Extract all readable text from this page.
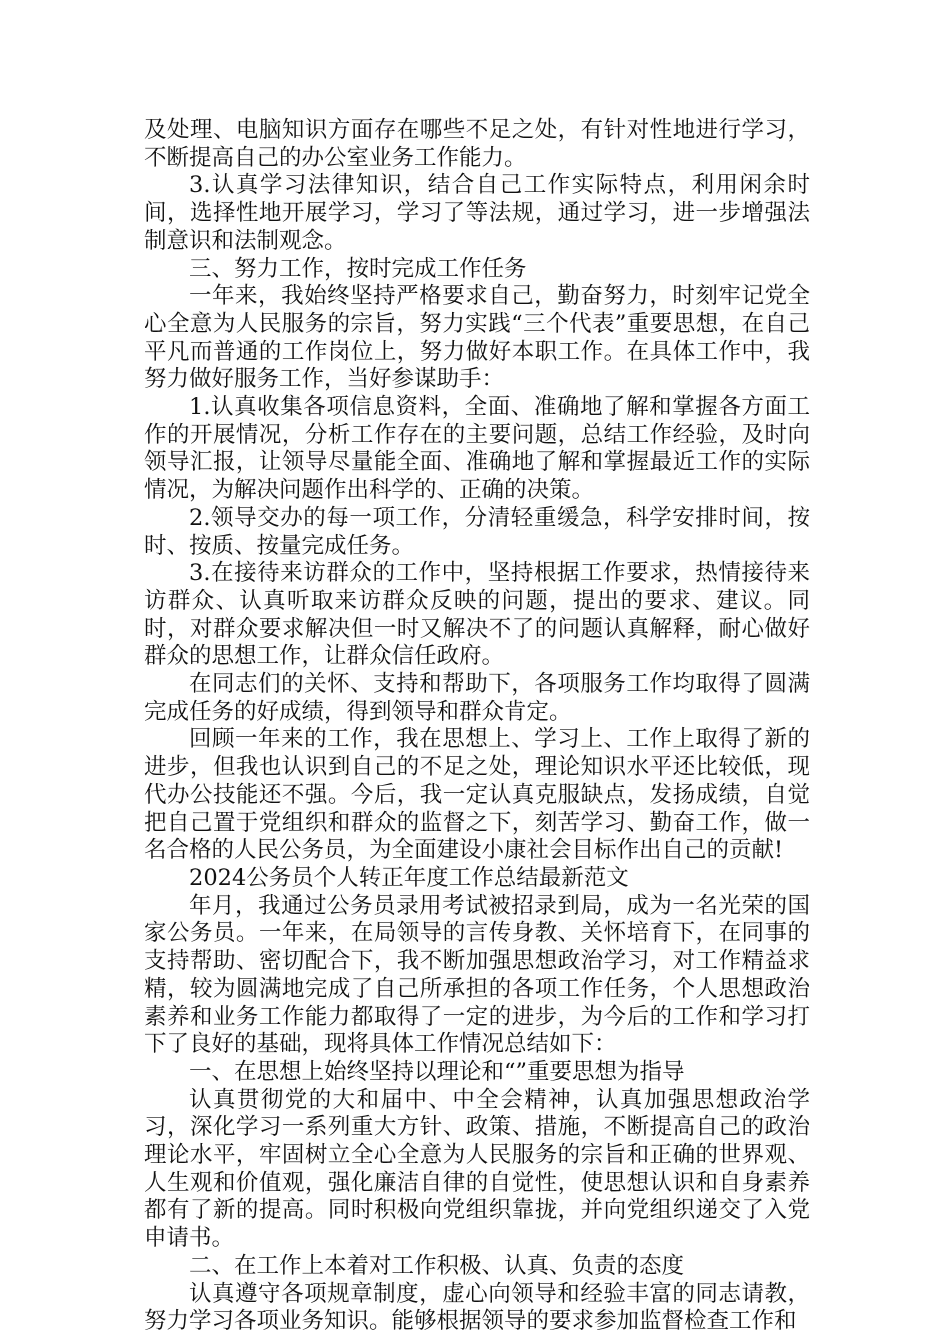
及处理、电脑知识方面存在哪些不足之处，有针对性地进行学习，不断提高自己的办公室业务工作能力。

3.认真学习法律知识，结合自己工作实际特点，利用闲余时间，选择性地开展学习，学习了等法规，通过学习，进一步增强法制意识和法制观念。

三、努力工作，按时完成工作任务

一年来，我始终坚持严格要求自己，勤奋努力，时刻牢记党全心全意为人民服务的宗旨，努力实践“三个代表”重要思想，在自己平凡而普通的工作岗位上，努力做好本职工作。在具体工作中，我努力做好服务工作，当好参谋助手：

1.认真收集各项信息资料，全面、准确地了解和掌握各方面工作的开展情况，分析工作存在的主要问题，总结工作经验，及时向领导汇报，让领导尽量能全面、准确地了解和掌握最近工作的实际情况，为解决问题作出科学的、正确的决策。

2.领导交办的每一项工作，分清轻重缓急，科学安排时间，按时、按质、按量完成任务。

3.在接待来访群众的工作中，坚持根据工作要求，热情接待来访群众、认真听取来访群众反映的问题，提出的要求、建议。同时，对群众要求解决但一时又解决不了的问题认真解释，耐心做好群众的思想工作，让群众信任政府。

在同志们的关怀、支持和帮助下，各项服务工作均取得了圆满完成任务的好成绩，得到领导和群众肯定。

回顾一年来的工作，我在思想上、学习上、工作上取得了新的进步，但我也认识到自己的不足之处，理论知识水平还比较低，现代办公技能还不强。今后，我一定认真克服缺点，发扬成绩，自觉把自己置于党组织和群众的监督之下，刻苦学习、勤奋工作，做一名合格的人民公务员，为全面建设小康社会目标作出自己的贡献!

2024公务员个人转正年度工作总结最新范文

年月，我通过公务员录用考试被招录到局，成为一名光荣的国家公务员。一年来，在局领导的言传身教、关怀培育下，在同事的支持帮助、密切配合下，我不断加强思想政治学习，对工作精益求精，较为圆满地完成了自己所承担的各项工作任务，个人思想政治素养和业务工作能力都取得了一定的进步，为今后的工作和学习打下了良好的基础，现将具体工作情况总结如下：

一、在思想上始终坚持以理论和“”重要思想为指导

认真贯彻党的大和届中、中全会精神，认真加强思想政治学习，深化学习一系列重大方针、政策、措施，不断提高自己的政治理论水平，牢固树立全心全意为人民服务的宗旨和正确的世界观、人生观和价值观，强化廉洁自律的自觉性，使思想认识和自身素养都有了新的提高。同时积极向党组织靠拢，并向党组织递交了入党申请书。

二、在工作上本着对工作积极、认真、负责的态度

认真遵守各项规章制度，虚心向领导和经验丰富的同志请教，努力学习各项业务知识。能够根据领导的要求参加监督检查工作和
